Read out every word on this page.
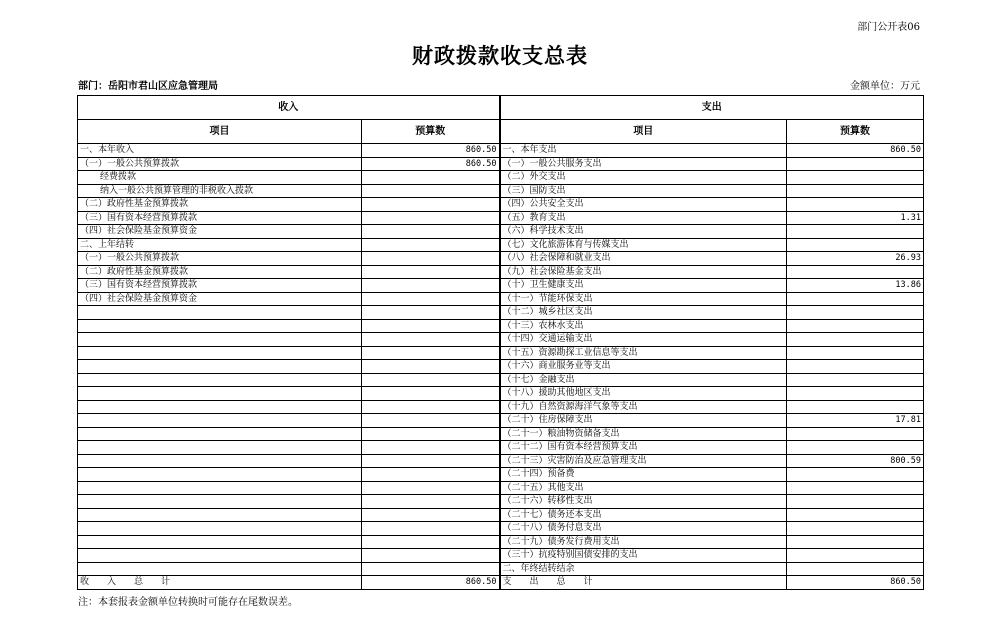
部门公开表06
财政拨款收支总表
部门：岳阳市君山区应急管理局	金额单位：万元
收入		支出	
项目	预算数	项目	预算数
一、本年收入	860.50	一、本年支出	860.50
（一）一般公共预算拨款	860.50	（一）一般公共服务支出	
经费拨款		（二）外交支出	
纳入一般公共预算管理的非税收入拨款		（三）国防支出	
（二）政府性基金预算拨款		（四）公共安全支出	
（三）国有资本经营预算拨款		（五）教育支出	1.31
（四）社会保险基金预算资金		（六）科学技术支出	
二、上年结转		（七）文化旅游体育与传媒支出	
（一）一般公共预算拨款		（八）社会保障和就业支出	26.93
（二）政府性基金预算拨款		（九）社会保险基金支出	
（三）国有资本经营预算拨款		（十）卫生健康支出	13.86
（四）社会保险基金预算资金		（十一）节能环保支出	
		（十二）城乡社区支出	
		（十三）农林水支出	
		（十四）交通运输支出	
		（十五）资源勘探工业信息等支出	
		（十六）商业服务业等支出	
		（十七）金融支出	
		（十八）援助其他地区支出	
		（十九）自然资源海洋气象等支出	
		（二十）住房保障支出	17.81
		（二十一）粮油物资储备支出	
		（二十二）国有资本经营预算支出	
		（二十三）灾害防治及应急管理支出	800.59
		（二十四）预备费	
		（二十五）其他支出	
		（二十六）转移性支出	
		（二十七）债务还本支出	
		（二十八）债务付息支出	
		（二十九）债务发行费用支出	
		（三十）抗疫特别国债安排的支出	
		二、年终结转结余	
收　　入　　总　　计	860.50	支　　出　　总　　计	860.50
注：本套报表金额单位转换时可能存在尾数误差。
